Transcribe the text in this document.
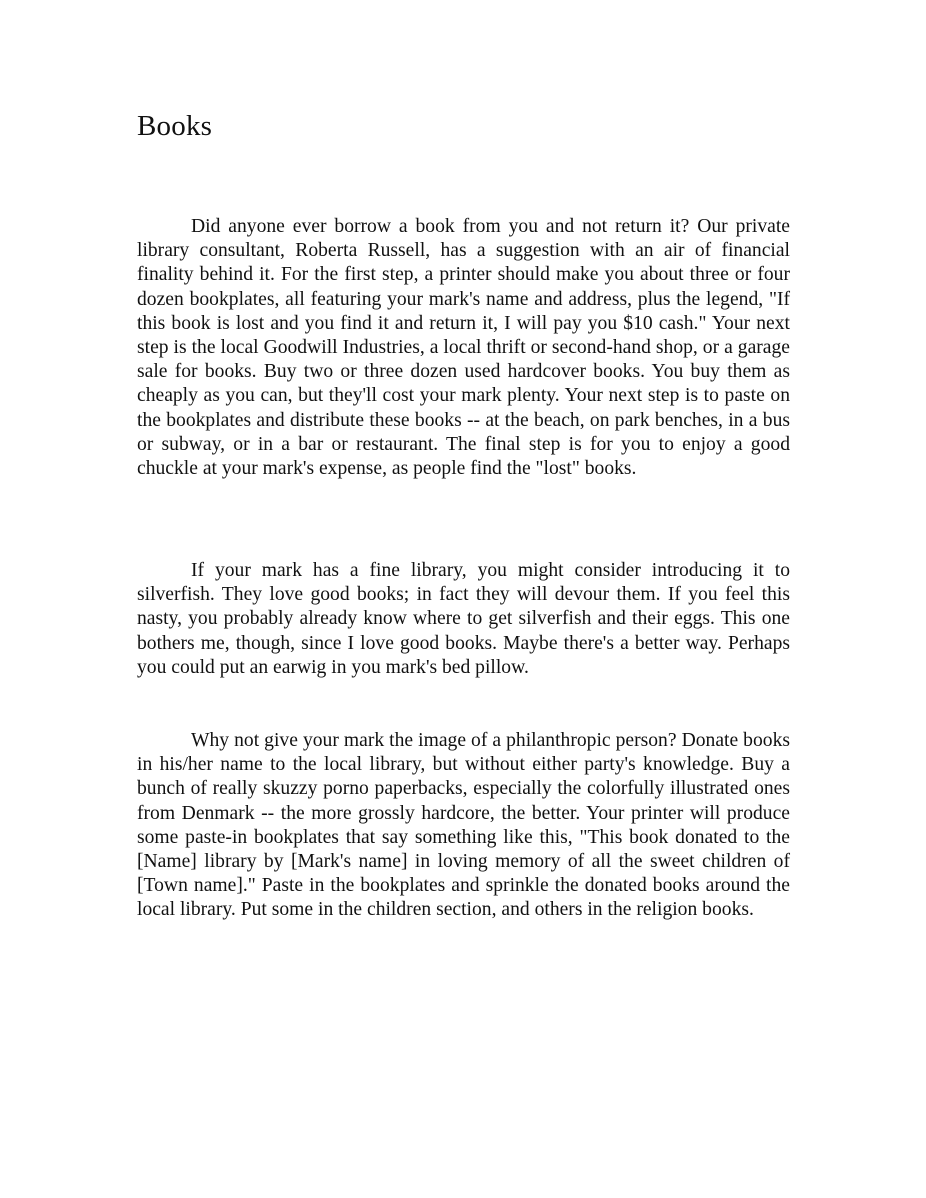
Books

Did anyone ever borrow a book from you and not return it? Our private library consultant, Roberta Russell, has a suggestion with an air of financial finality behind it. For the first step, a printer should make you about three or four dozen bookplates, all featuring your mark's name and address, plus the legend, "If this book is lost and you find it and return it, I will pay you $10 cash." Your next step is the local Goodwill Industries, a local thrift or second-hand shop, or a garage sale for books. Buy two or three dozen used hardcover books. You buy them as cheaply as you can, but they'll cost your mark plenty. Your next step is to paste on the bookplates and distribute these books -- at the beach, on park benches, in a bus or subway, or in a bar or restaurant. The final step is for you to enjoy a good chuckle at your mark's expense, as people find the "lost" books.

If your mark has a fine library, you might consider introducing it to silverfish. They love good books; in fact they will devour them. If you feel this nasty, you probably already know where to get silverfish and their eggs. This one bothers me, though, since I love good books. Maybe there's a better way. Perhaps you could put an earwig in you mark's bed pillow.

Why not give your mark the image of a philanthropic person? Donate books in his/her name to the local library, but without either party's knowledge. Buy a bunch of really skuzzy porno paperbacks, especially the colorfully illustrated ones from Denmark -- the more grossly hardcore, the better. Your printer will produce some paste-in bookplates that say something like this, "This book donated to the [Name] library by [Mark's name] in loving memory of all the sweet children of [Town name]." Paste in the bookplates and sprinkle the donated books around the local library. Put some in the children section, and others in the religion books.
